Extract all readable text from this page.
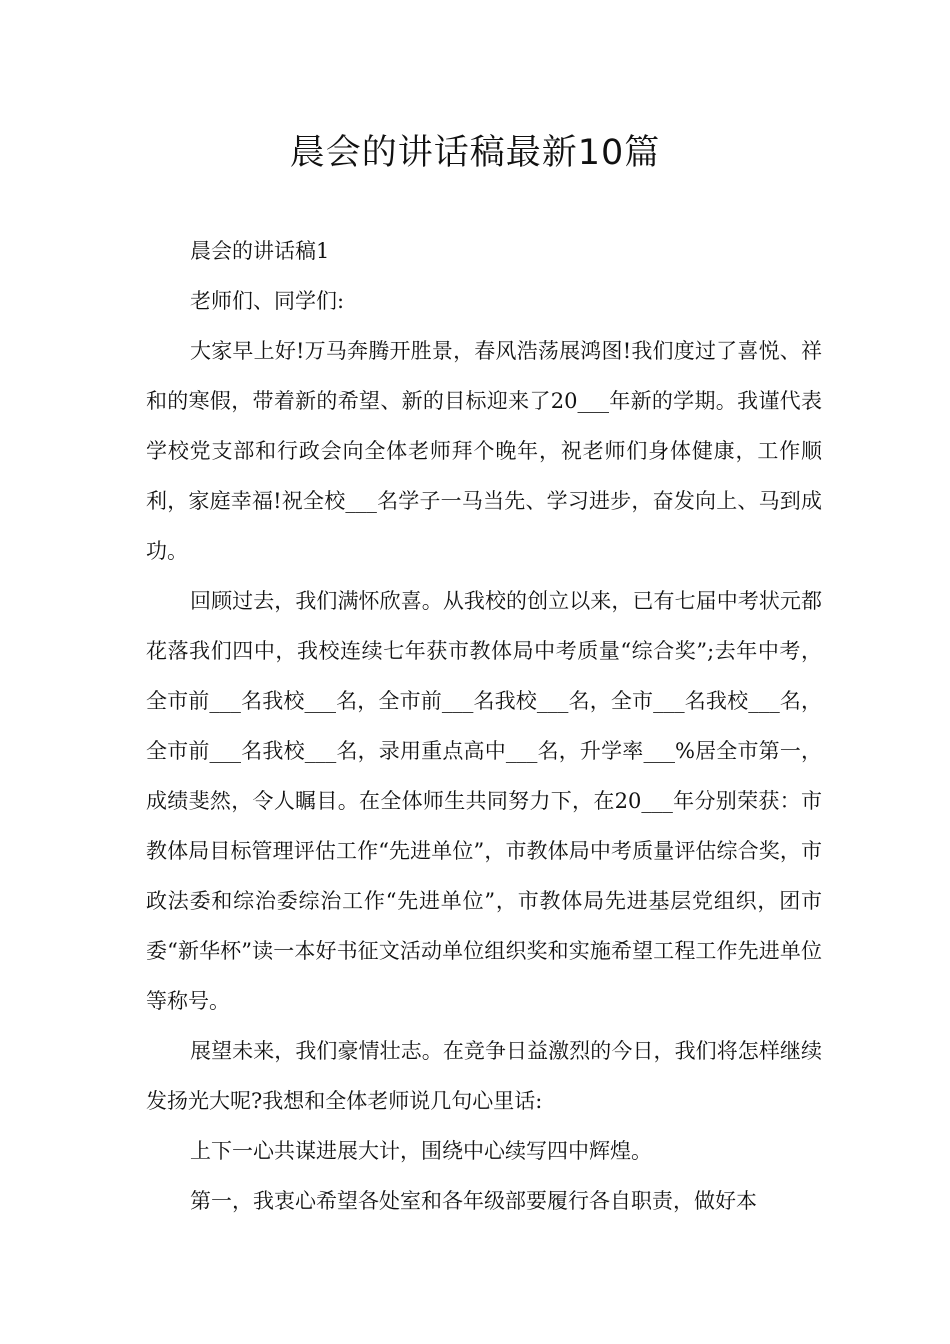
晨会的讲话稿最新10篇

晨会的讲话稿1

老师们、同学们:

大家早上好!万马奔腾开胜景，春风浩荡展鸿图!我们度过了喜悦、祥和的寒假，带着新的希望、新的目标迎来了20___年新的学期。我谨代表学校党支部和行政会向全体老师拜个晚年，祝老师们身体健康，工作顺利，家庭幸福!祝全校___名学子一马当先、学习进步，奋发向上、马到成功。

回顾过去，我们满怀欣喜。从我校的创立以来，已有七届中考状元都花落我们四中，我校连续七年获市教体局中考质量“综合奖”;去年中考，全市前___名我校___名，全市前___名我校___名，全市___名我校___名，全市前___名我校___名，录用重点高中___名，升学率___%居全市第一，成绩斐然，令人瞩目。在全体师生共同努力下，在20___年分别荣获：市教体局目标管理评估工作“先进单位”，市教体局中考质量评估综合奖，市政法委和综治委综治工作“先进单位”，市教体局先进基层党组织，团市委“新华杯”读一本好书征文活动单位组织奖和实施希望工程工作先进单位等称号。

展望未来，我们豪情壮志。在竞争日益激烈的今日，我们将怎样继续发扬光大呢?我想和全体老师说几句心里话:

上下一心共谋进展大计，围绕中心续写四中辉煌。

第一，我衷心希望各处室和各年级部要履行各自职责，做好本
